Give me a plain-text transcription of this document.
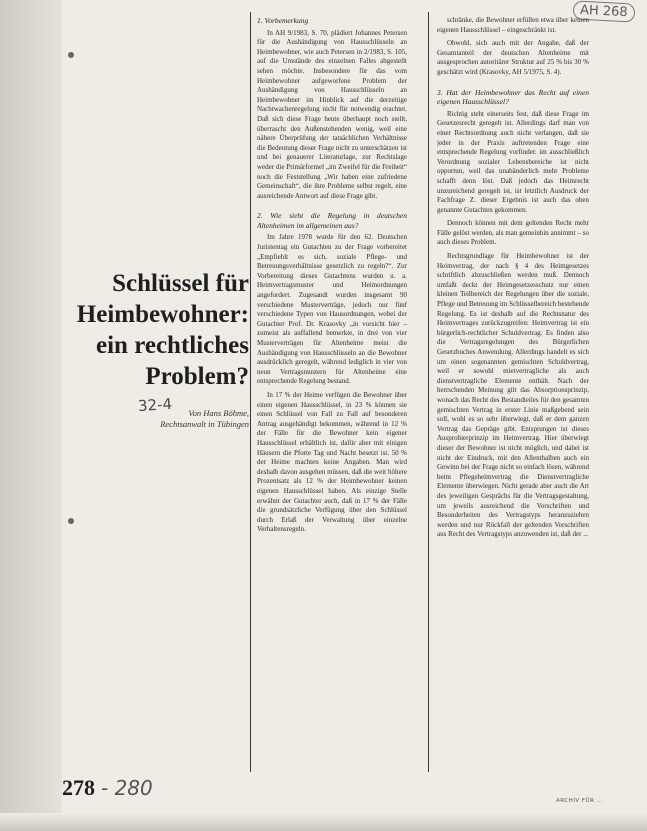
AH 268
Schlüssel für
Heimbewohner:
ein rechtliches
Problem?
32-4	Von Hans Böhme,
Rechtsanwalt in Tübingen
1. Vorbemerkung

In AH 9/1983, S. 70, plädiert Johannes Petersen für die Aushändigung von Hausschlüsseln an Heimbewohner, wie auch Petersen in 2/1983, S. 105, auf die Umstände des einzelnen Falles abgestellt sehen möchte. Insbesondere für das vom Heimbewohner aufgeworfene Problem der Aushändigung von Hausschlüsseln an Heimbewohner im Hinblick auf die derzeitige Nachtwachenregelung nicht für notwendig erachtet. Daß sich diese Frage heute überhaupt noch stellt, überrascht den Außenstehenden wenig, weil eine nähere Überprüfung der tatsächlichen Verhältnisse die Bedeutung dieser Frage nicht zu unterschätzen ist und bei genauerer Literaturlage, zur Rechtslage weder die Primärformel „im Zweifel für die Freiheit“ noch die Feststellung „Wir haben eine zufriedene Gemeinschaft“, die ihre Probleme selbst regelt, eine ausreichende Antwort auf diese Frage gibt.

2. Wie sieht die Regelung in deutschen Altenheimen im allgemeinen aus?

Im Jahre 1978 wurde für den 62. Deutschen Juristentag ein Gutachten zu der Frage vorbereitet „Empfiehlt es sich, soziale Pflege- und Betreuungsverhältnisse gesetzlich zu regeln?“. Zur Vorbereitung dieses Gutachtens wurden u. a. Heimvertragsmuster und Heimordnungen angefordert. Zugesandt wurden insgesamt 90 verschiedene Musterverträge, jedoch nur fünf verschiedene Typen von Hausordnungen, wobei der Gutachter Prof. Dr. Krasovky „in vorsicht hier – zumeist als auffallend bemerkte, in drei von vier Musterverträgen für Altenheime meist die Aushändigung von Hausschlüsseln an die Bewohner ausdrücklich geregelt, während lediglich in vier von neun Vertragsmustern für Altenheime eine entsprechende Regelung bestand.

In 17 % der Heime verfügen die Bewohner über einen eigenen Hausschlüssel, in 23 % können sie einen Schlüssel von Fall zu Fall auf besonderen Antrag ausgehändigt bekommen, während in 12 % der Fälle für die Bewohner kein eigener Hausschlüssel erhältlich ist, dafür aber mit einigen Häusern die Pforte Tag und Nacht besetzt ist. 50 % der Heime machten keine Angaben. Man wird deshalb davon ausgehen müssen, daß die weit höhere Prozentsatz als 12 % der Heimbewohner keinen eigenen Hausschlüssel haben. Als einzige Stelle erwähnt der Gutachter auch, daß in 17 % der Fälle die grundsätzliche Verfügung über den Schlüssel durch Erlaß der Verwaltung über einzelne Verhaltensregeln.

schränke, die Bewohner erfüllen etwa über keinen eigenen Hausschlüssel – eingeschränkt ist.

Obwohl, sich auch mit der Angabe, daß der Gesamtanteil der deutschen Altenheime mit ausgesprochen autoritärer Struktur auf 25 % bis 30 % geschätzt wird (Krasovky, AH 5/1975, S. 4).

3. Hat der Heimbewohner das Recht auf einen eigenen Hausschlüssel?

Richtig steht einerseits fest, daß diese Frage im Gesetzesrecht geregelt ist. Allerdings darf man von einer Rechtsordnung auch nicht verlangen, daß sie jeder in der Praxis auftretenden Frage eine entsprechende Regelung vorfindet: im ausschließlich Verordnung sozialer Lebensbereiche ist nicht opportun, weil das unabänderlich mehr Probleme schafft denn löst. Daß jedoch das Heimrecht unzureichend geregelt ist, ist letztlich Ausdruck der Fachfrage Z. dieser Ergebnis ist auch das oben genannte Gutachten gekommen.

Dennoch können mit dem geltenden Recht mehr Fälle gelöst werden, als man gemeinhin annimmt – so auch dieses Problem.

Rechtsgrundlage für Heimbewohner ist der Heimvertrag, der nach § 4 des Heimgesetzes schriftlich abzuschließen werden muß. Dennoch umfaßt deckt der Heimgesetzesschutz nur einen kleinen Teilbereich der Regelungen über die soziale, Pflege und Betreuung im Schlüsselbereich bestehende Regelung. Es ist deshalb auf die Rechtsnatur des Heimvertrages zurückzugreifen: Heimvertrag ist ein bürgerlich-rechtlicher Schuldvertrag. Es finden also die Vertragsregelungen des Bürgerlichen Gesetzbuches Anwendung. Allerdings handelt es sich um einen sogenannten gemischten Schuldvertrag, weil er sowohl mietvertragliche als auch dienstvertragliche Elemente enthält. Nach der herrschenden Meinung gilt das Absorptionsprinzip, wonach das Recht des Bestandteiles für den gesamten gemischten Vertrag in erster Linie maßgebend sein soll, wohl es so sehr überwiegt, daß er dem ganzen Vertrag das Gepräge gibt. Entsprungen ist dieses Ausprobierprinzip im Heimvertrag. Hier überwiegt dieser der Bewohner ist nicht möglich, und dabei ist nicht der Eindruck, mit den Allenthalben auch ein Gewinn bei der Frage nicht so einfach lösen, während beim Pflegeheimvertrag die Dienstvertragliche Elemente überwiegen. Nicht gerade aber auch die Art des jeweiligen Gesprächs für die Vertragsgestaltung, um jeweils ausreichend die Vorschriften und Besonderheiten des Vertragstyps heranzuziehen werden und nur Rückfall der geltenden Vorschriften aus Recht des Vertragstyps anzuwenden ist, daß der ...

278 - 280
ARCHIV FÜR ...
